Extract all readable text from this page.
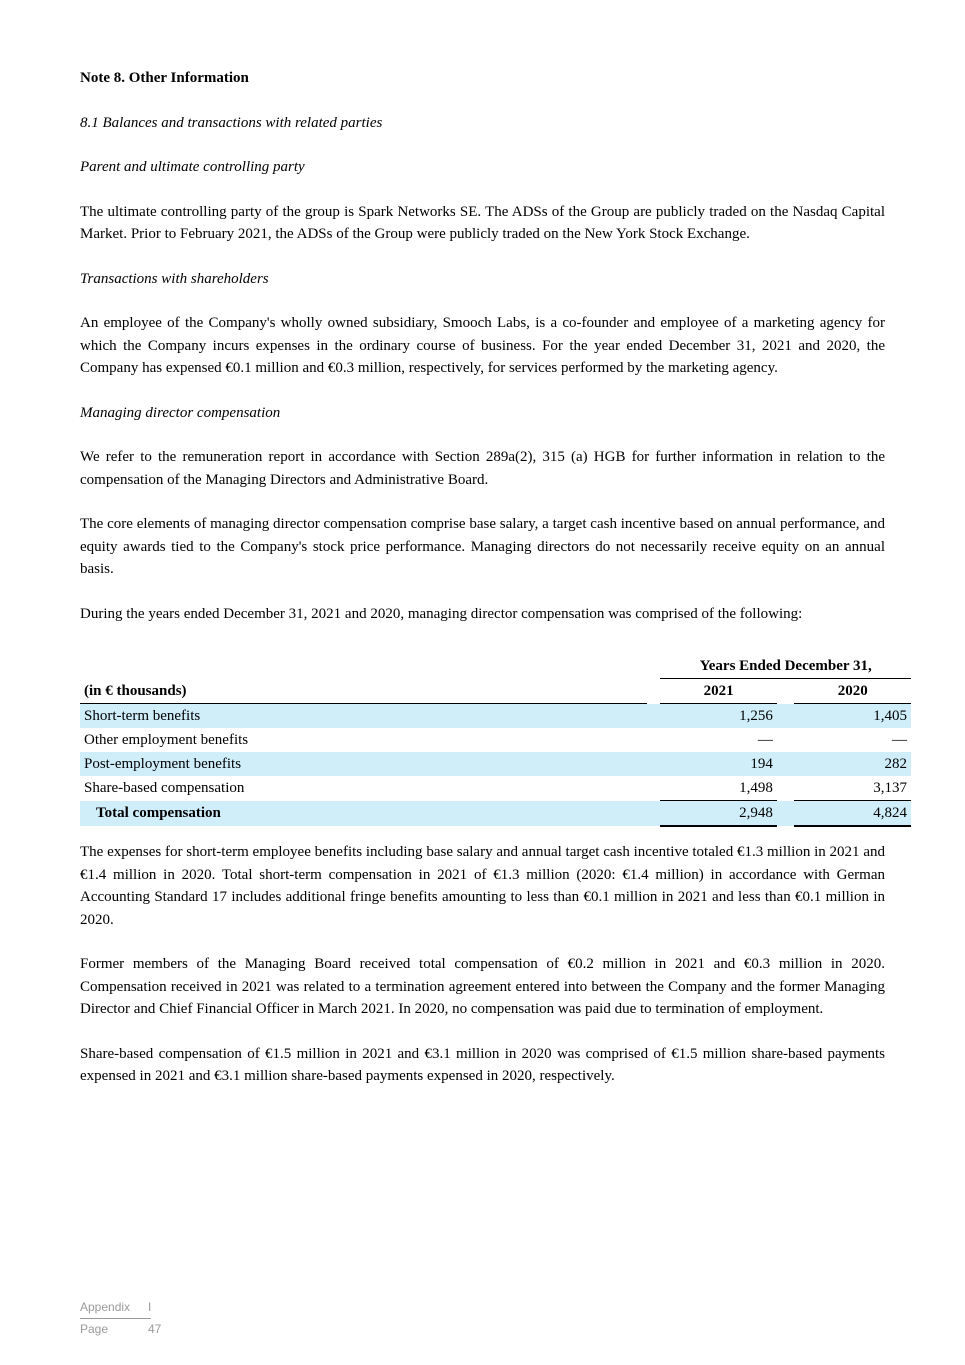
Note 8. Other Information

8.1 Balances and transactions with related parties

Parent and ultimate controlling party

The ultimate controlling party of the group is Spark Networks SE. The ADSs of the Group are publicly traded on the Nasdaq Capital Market. Prior to February 2021, the ADSs of the Group were publicly traded on the New York Stock Exchange.

Transactions with shareholders

An employee of the Company's wholly owned subsidiary, Smooch Labs, is a co-founder and employee of a marketing agency for which the Company incurs expenses in the ordinary course of business. For the year ended December 31, 2021 and 2020, the Company has expensed €0.1 million and €0.3 million, respectively, for services performed by the marketing agency.

Managing director compensation

We refer to the remuneration report in accordance with Section 289a(2), 315 (a) HGB for further information in relation to the compensation of the Managing Directors and Administrative Board.

The core elements of managing director compensation comprise base salary, a target cash incentive based on annual performance, and equity awards tied to the Company's stock price performance. Managing directors do not necessarily receive equity on an annual basis.

During the years ended December 31, 2021 and 2020, managing director compensation was comprised of the following:

		Years Ended December 31,		
(in € thousands)		2021		2020
Short-term benefits		1,256		1,405
Other employment benefits		—		—
Post-employment benefits		194		282
Share-based compensation		1,498		3,137
Total compensation		2,948		4,824

The expenses for short-term employee benefits including base salary and annual target cash incentive totaled €1.3 million in 2021 and €1.4 million in 2020. Total short-term compensation in 2021 of €1.3 million (2020: €1.4 million) in accordance with German Accounting Standard 17 includes additional fringe benefits amounting to less than €0.1 million in 2021 and less than €0.1 million in 2020.

Former members of the Managing Board received total compensation of €0.2 million in 2021 and €0.3 million in 2020. Compensation received in 2021 was related to a termination agreement entered into between the Company and the former Managing Director and Chief Financial Officer in March 2021. In 2020, no compensation was paid due to termination of employment.

Share-based compensation of €1.5 million in 2021 and €3.1 million in 2020 was comprised of €1.5 million share-based payments expensed in 2021 and €3.1 million share-based payments expensed in 2020, respectively.

Appendix	I
Page	47
